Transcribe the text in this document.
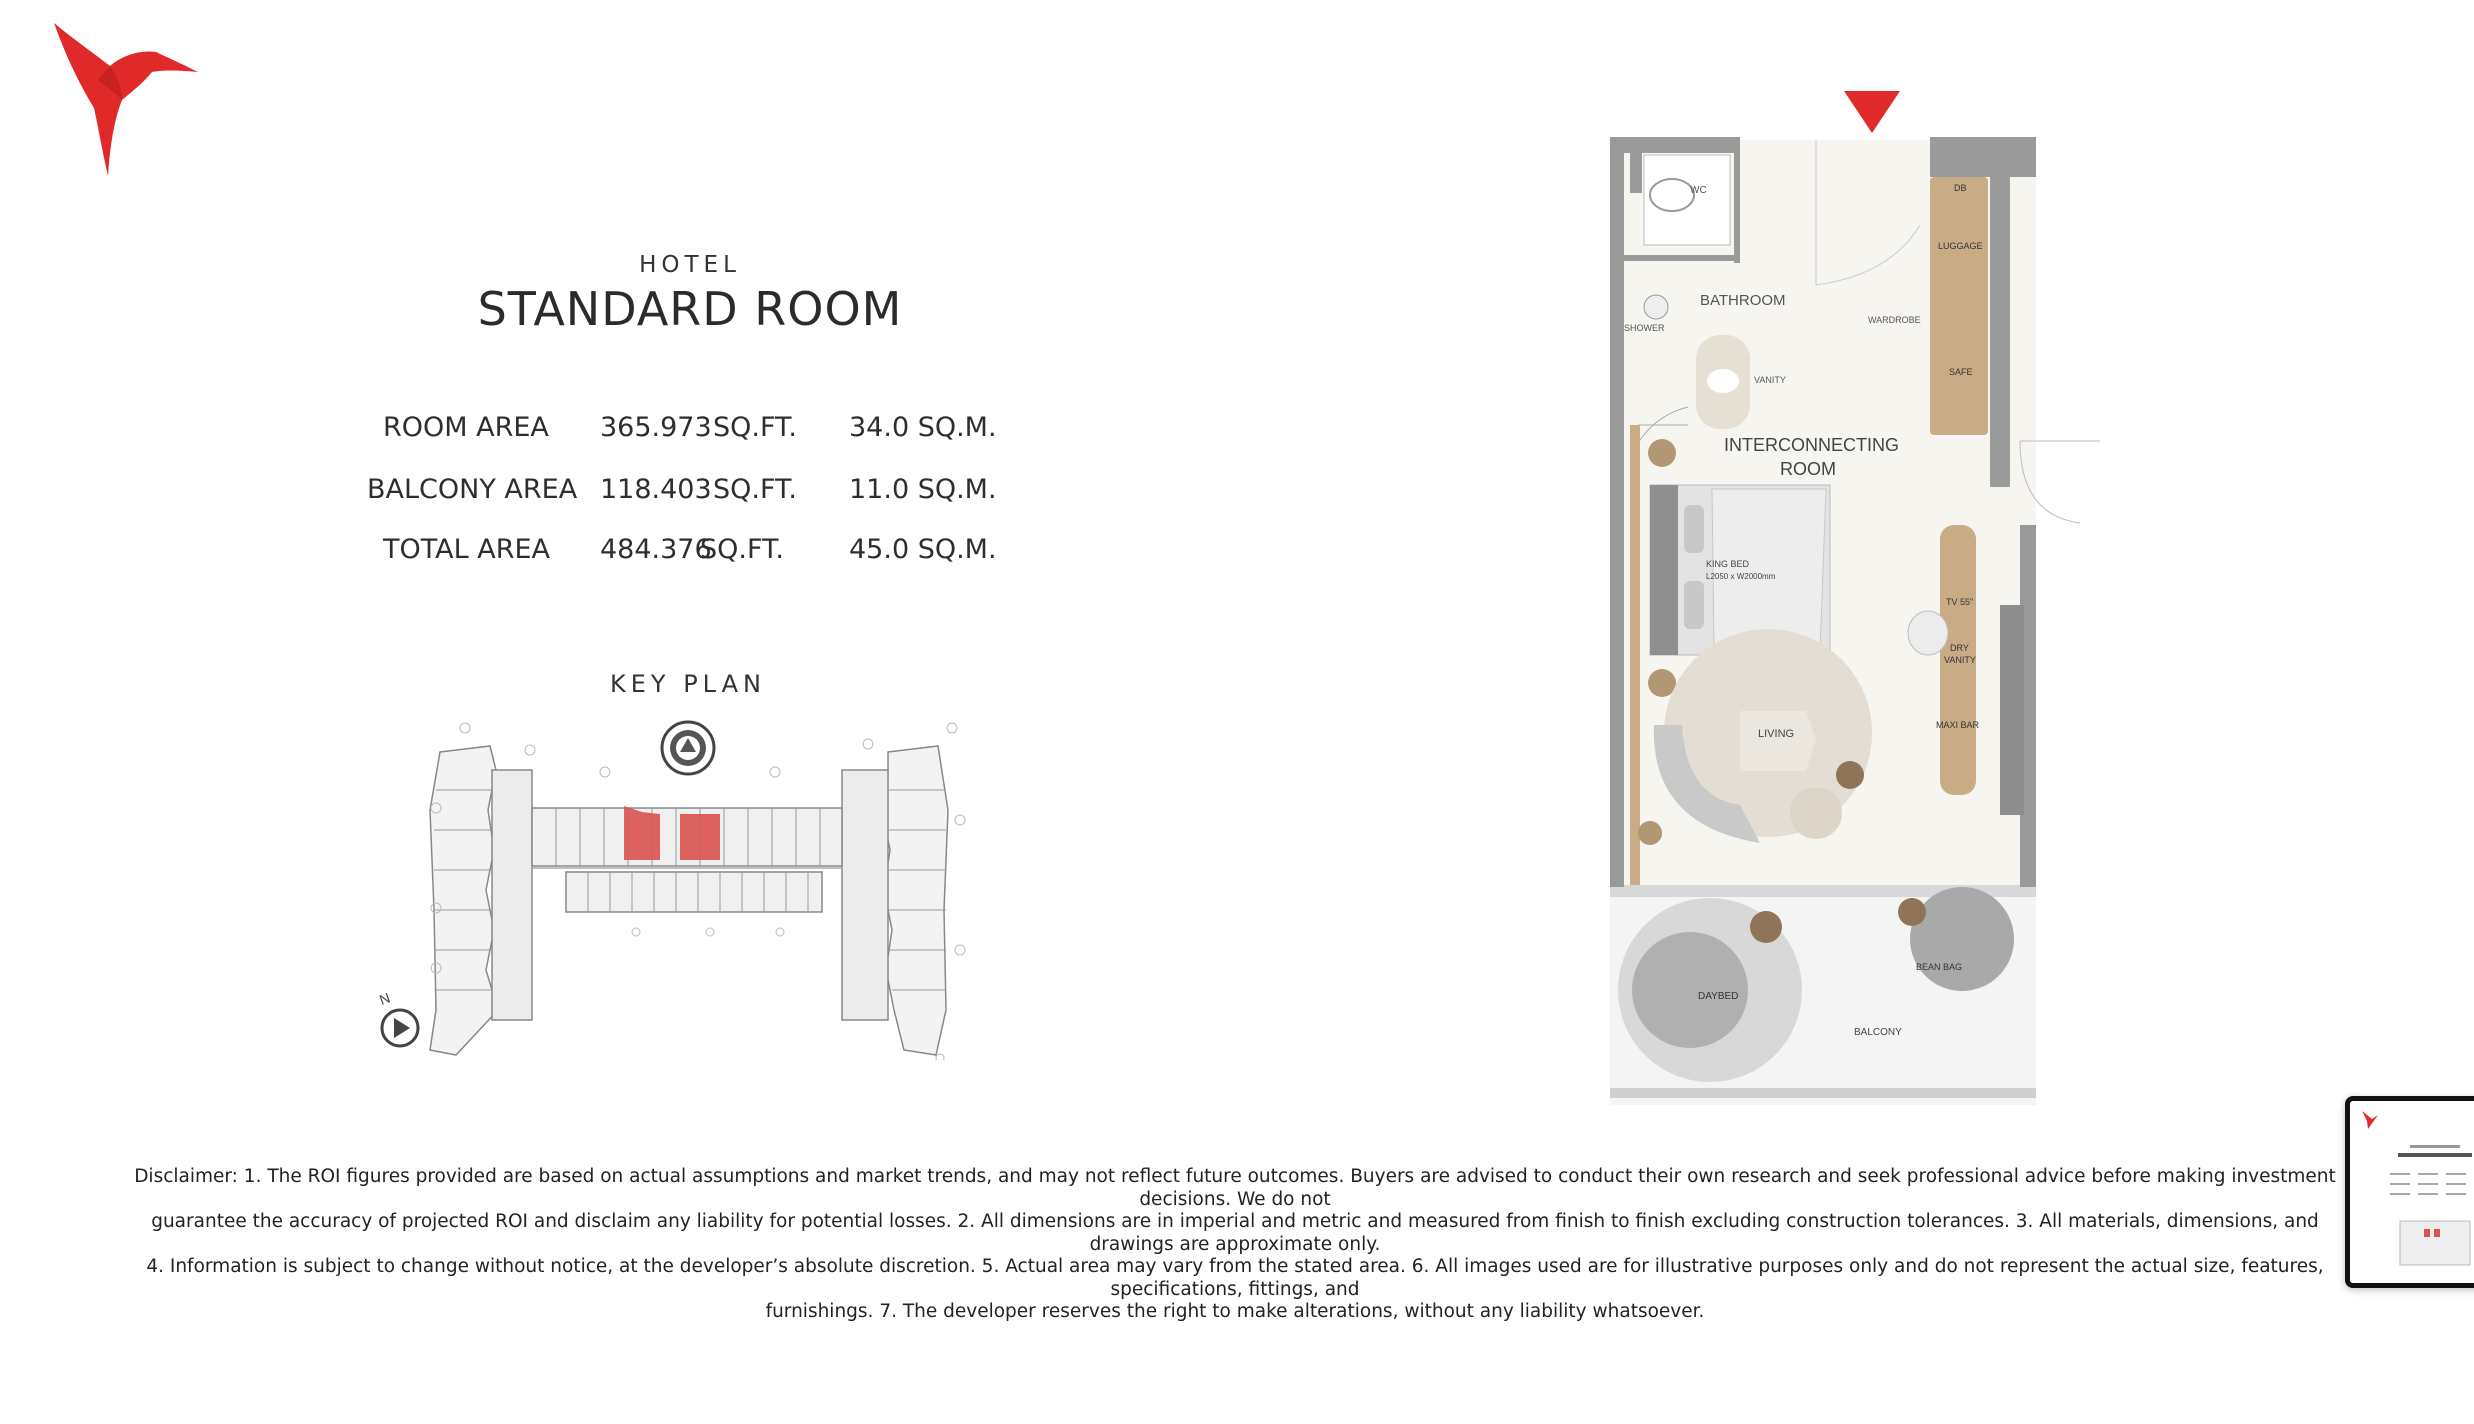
HOTEL
STANDARD ROOM
ROOM AREA 365.973 SQ.FT. 34.0 SQ.M.
BALCONY AREA 118.403 SQ.FT. 11.0 SQ.M.
TOTAL AREA 484.376
SQ.FT. 45.0 SQ.M.
KEY PLAN
N
WC
SHOWER
BATHROOM
VANITY
WARDROBE
DB
LUGGAGE
SAFE
INTERCONNECTING
ROOM
KING BED
L2050 x W2000mm
LIVING
TV 55"
DRY
VANITY
MAXI BAR
DAYBED
BEAN BAG
BALCONY
Disclaimer: 1. The ROI figures provided are based on actual assumptions and market trends, and may not reflect future outcomes. Buyers are advised to conduct their own research and seek professional advice before making investment decisions. We do not
guarantee the accuracy of projected ROI and disclaim any liability for potential losses. 2. All dimensions are in imperial and metric and measured from finish to finish excluding construction tolerances. 3. All materials, dimensions, and drawings are approximate only.
4. Information is subject to change without notice, at the developer’s absolute discretion. 5. Actual area may vary from the stated area. 6. All images used are for illustrative purposes only and do not represent the actual size, features, specifications, fittings, and
furnishings. 7. The developer reserves the right to make alterations, without any liability whatsoever.
